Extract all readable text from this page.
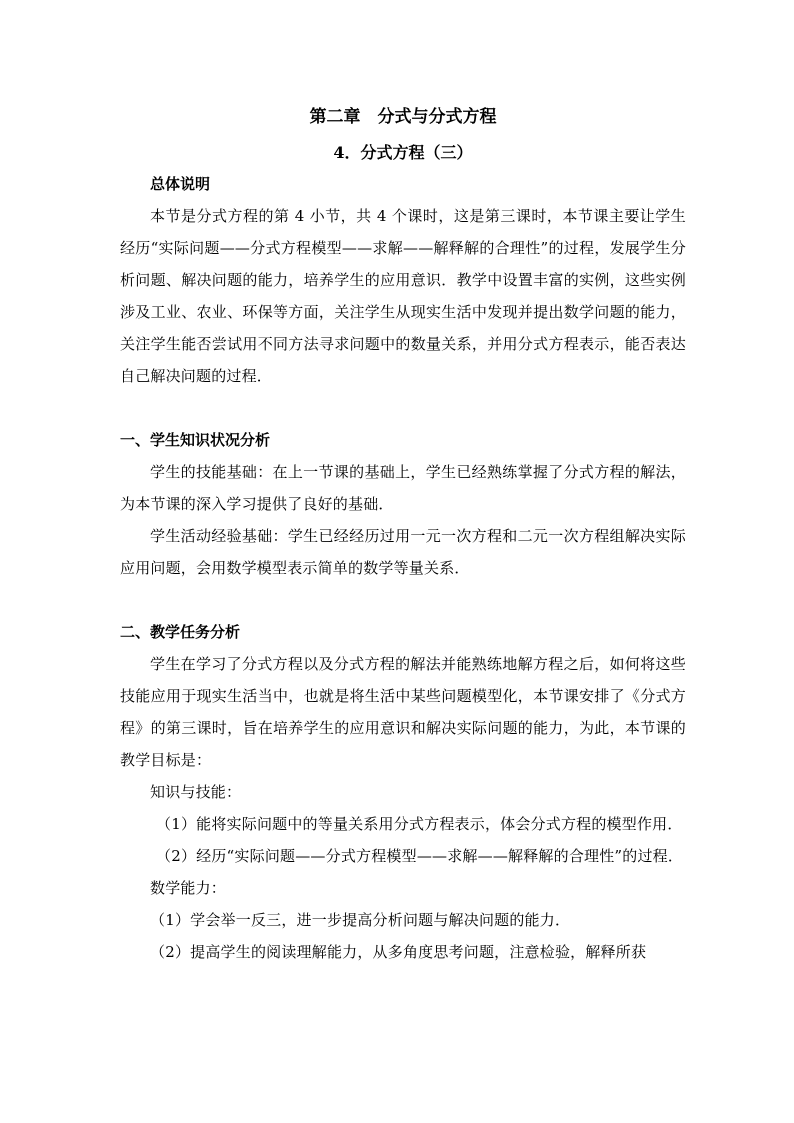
第二章　分式与分式方程

4．分式方程（三）

总体说明

本节是分式方程的第 4 小节，共 4 个课时，这是第三课时，本节课主要让学生经历“实际问题——分式方程模型——求解——解释解的合理性”的过程，发展学生分析问题、解决问题的能力，培养学生的应用意识．教学中设置丰富的实例，这些实例涉及工业、农业、环保等方面，关注学生从现实生活中发现并提出数学问题的能力，关注学生能否尝试用不同方法寻求问题中的数量关系，并用分式方程表示，能否表达自己解决问题的过程．

一、学生知识状况分析

学生的技能基础：在上一节课的基础上，学生已经熟练掌握了分式方程的解法，为本节课的深入学习提供了良好的基础．

学生活动经验基础：学生已经经历过用一元一次方程和二元一次方程组解决实际应用问题，会用数学模型表示简单的数学等量关系．

二、教学任务分析

学生在学习了分式方程以及分式方程的解法并能熟练地解方程之后，如何将这些技能应用于现实生活当中，也就是将生活中某些问题模型化，本节课安排了《分式方程》的第三课时，旨在培养学生的应用意识和解决实际问题的能力，为此，本节课的教学目标是：

知识与技能：

（1）能将实际问题中的等量关系用分式方程表示，体会分式方程的模型作用．

（2）经历“实际问题——分式方程模型——求解——解释解的合理性”的过程．

数学能力：

（1）学会举一反三，进一步提高分析问题与解决问题的能力．

（2）提高学生的阅读理解能力，从多角度思考问题，注意检验，解释所获
